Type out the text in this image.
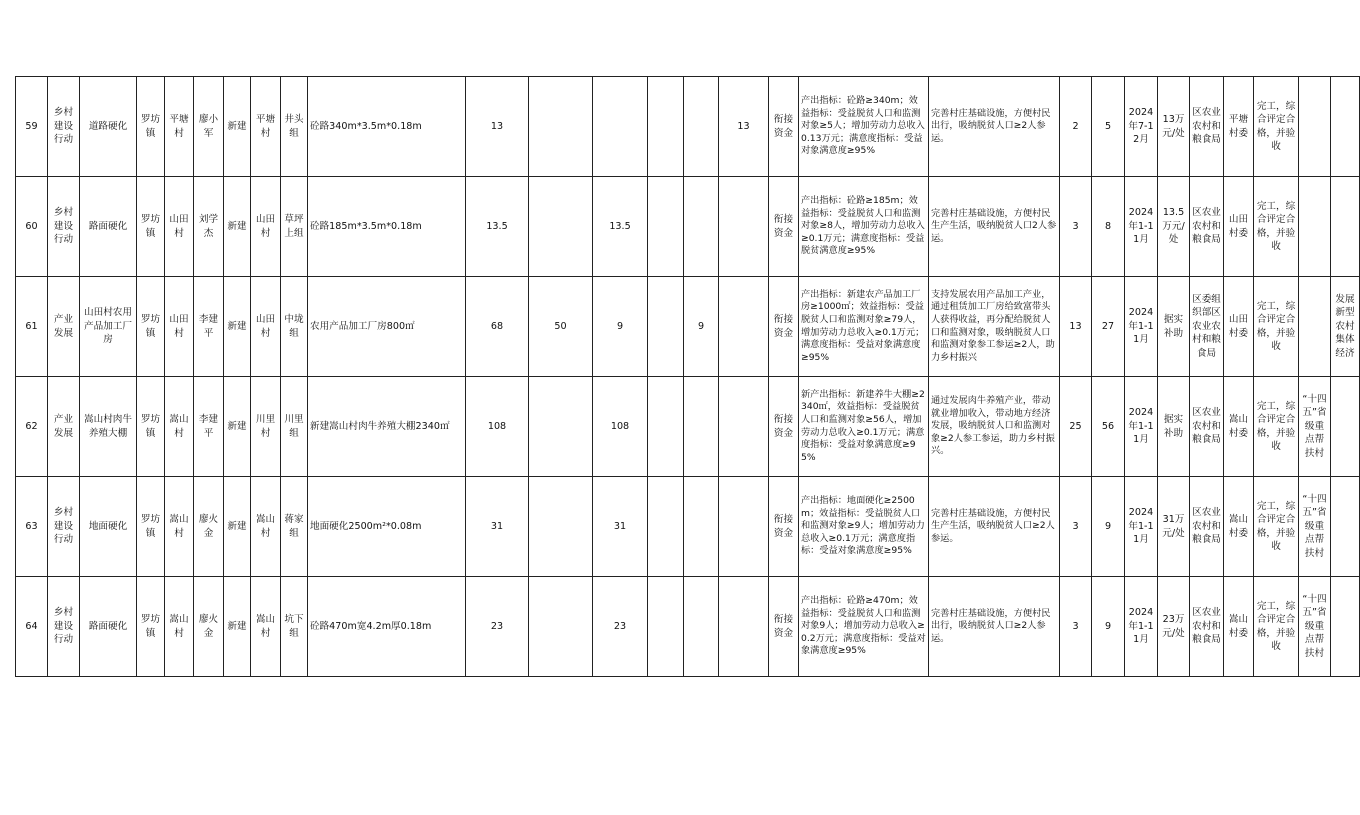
59	乡村建设行动	道路硬化	罗坊镇	平塘村	廖小军	新建	平塘村	井头组	砼路340m*3.5m*0.18m	13					13	衔接资金	产出指标：砼路≥340m；效益指标：受益脱贫人口和监测对象≥5人；增加劳动力总收入0.13万元；满意度指标：受益对象满意度≥95%	完善村庄基础设施，方便村民出行，吸纳脱贫人口≥2人参运。	2	5	2024年7-12月	13万元/处	区农业农村和粮食局	平塘村委	完工，综合评定合格，并验收		
60	乡村建设行动	路面硬化	罗坊镇	山田村	刘学杰	新建	山田村	草坪上组	砼路185m*3.5m*0.18m	13.5		13.5				衔接资金	产出指标：砼路≥185m；效益指标：受益脱贫人口和监测对象≥8人，增加劳动力总收入≥0.1万元；满意度指标：受益脱贫满意度≥95%	完善村庄基础设施，方便村民生产生活，吸纳脱贫人口2人参运。	3	8	2024年1-11月	13.5万元/处	区农业农村和粮食局	山田村委	完工，综合评定合格，并验收		
61	产业发展	山田村农用产品加工厂房	罗坊镇	山田村	李建平	新建	山田村	中垅组	农用产品加工厂房800㎡	68	50	9		9		衔接资金	产出指标：新建农产品加工厂房≥1000㎡；效益指标：受益脱贫人口和监测对象≥79人，增加劳动力总收入≥0.1万元；满意度指标：受益对象满意度≥95%	支持发展农用产品加工产业，通过租赁加工厂房给致富带头人获得收益，再分配给脱贫人口和监测对象，吸纳脱贫人口和监测对象参工参运≥2人，助力乡村振兴	13	27	2024年1-11月	据实补助	区委组织部区农业农村和粮食局	山田村委	完工，综合评定合格，并验收		发展新型农村集体经济
62	产业发展	嵩山村肉牛养殖大棚	罗坊镇	嵩山村	李建平	新建	川里村	川里组	新建嵩山村肉牛养殖大棚2340㎡	108		108				衔接资金	新产出指标：新建养牛大棚≥2340㎡，效益指标：受益脱贫人口和监测对象≥56人，增加劳动力总收入≥0.1万元；满意度指标：受益对象满意度≥95%	通过发展肉牛养殖产业，带动就业增加收入，带动地方经济发展，吸纳脱贫人口和监测对象≥2人参工参运，助力乡村振兴。	25	56	2024年1-11月	据实补助	区农业农村和粮食局	嵩山村委	完工，综合评定合格，并验收	“十四五”省级重点帮扶村	
63	乡村建设行动	地面硬化	罗坊镇	嵩山村	廖火金	新建	嵩山村	蒋家组	地面硬化2500m²*0.08m	31		31				衔接资金	产出指标：地面硬化≥2500m；效益指标：受益脱贫人口和监测对象≥9人；增加劳动力总收入≥0.1万元；满意度指标：受益对象满意度≥95%	完善村庄基础设施，方便村民生产生活，吸纳脱贫人口≥2人参运。	3	9	2024年1-11月	31万元/处	区农业农村和粮食局	嵩山村委	完工，综合评定合格，并验收	“十四五”省级重点帮扶村	
64	乡村建设行动	路面硬化	罗坊镇	嵩山村	廖火金	新建	嵩山村	坑下组	砼路470m宽4.2m厚0.18m	23		23				衔接资金	产出指标：砼路≥470m；效益指标：受益脱贫人口和监测对象9人；增加劳动力总收入≥0.2万元；满意度指标：受益对象满意度≥95%	完善村庄基础设施，方便村民出行，吸纳脱贫人口≥2人参运。	3	9	2024年1-11月	23万元/处	区农业农村和粮食局	嵩山村委	完工，综合评定合格，并验收	“十四五”省级重点帮扶村	
